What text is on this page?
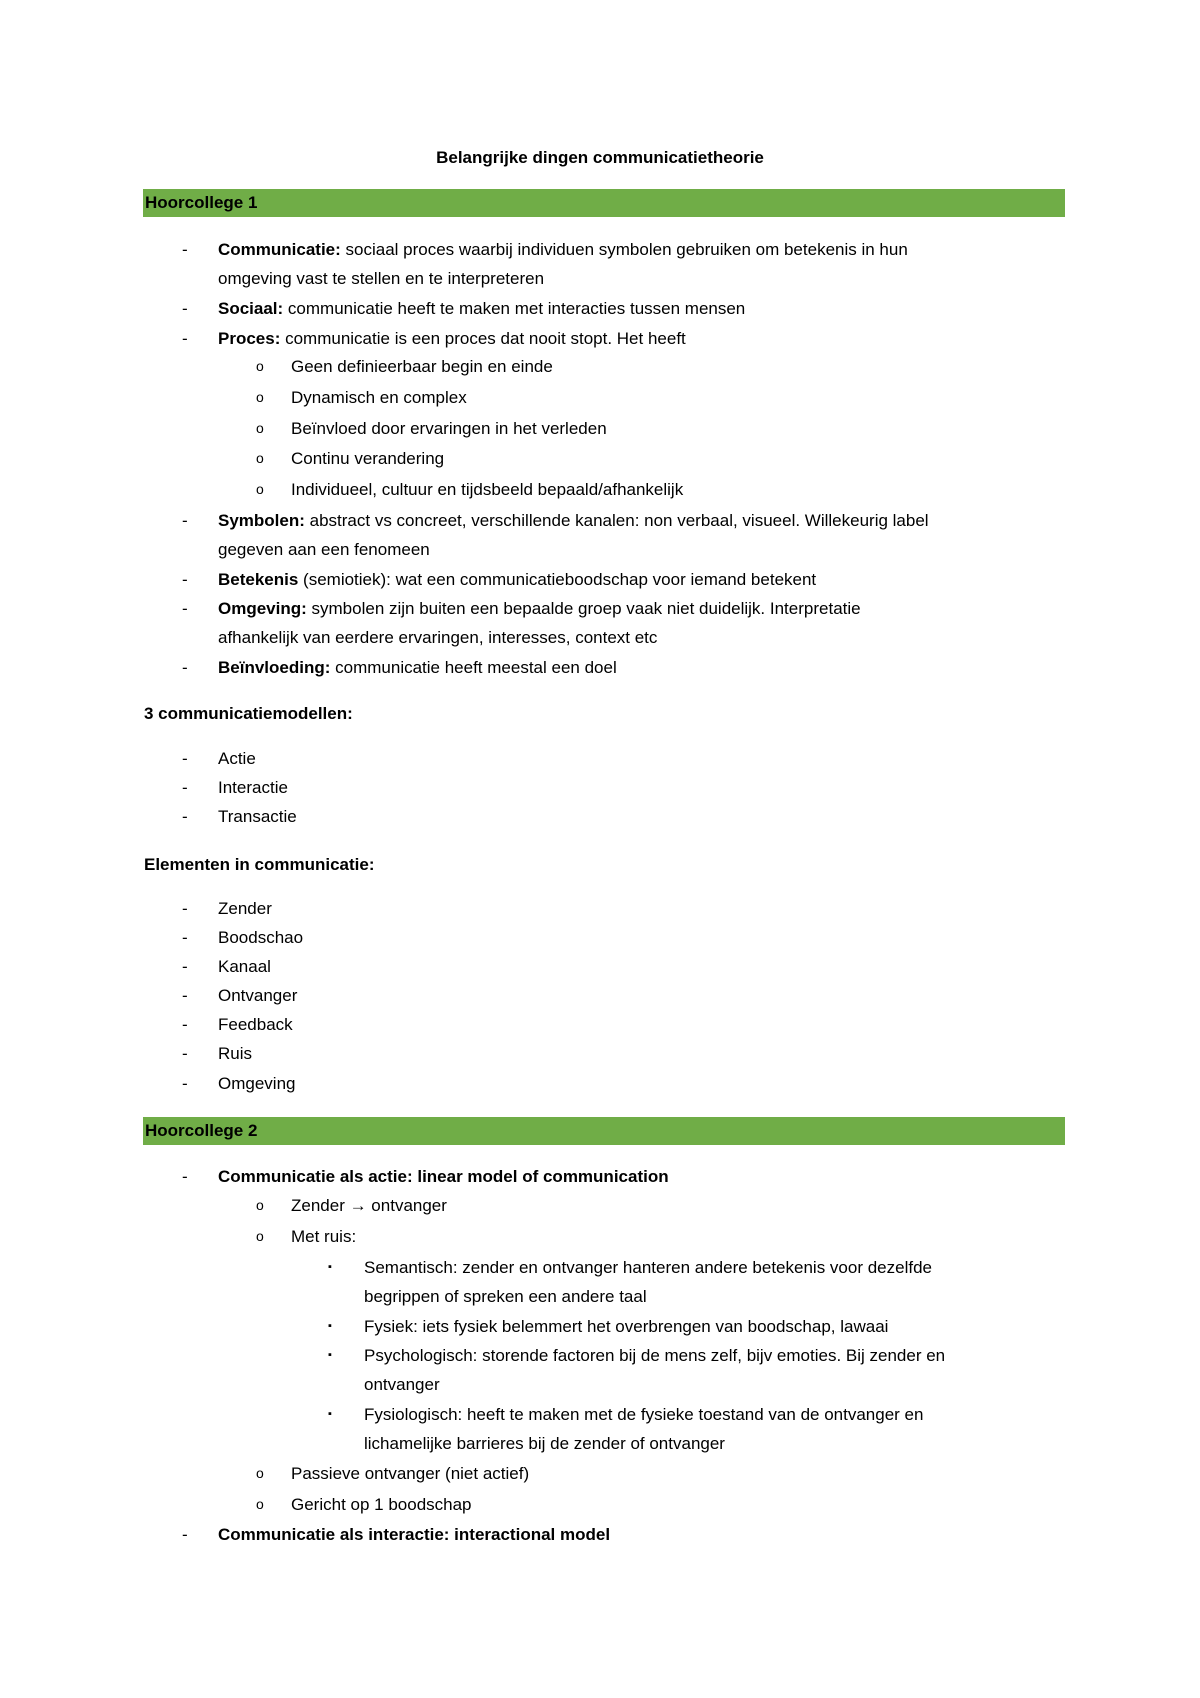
Belangrijke dingen communicatietheorie
Hoorcollege 1
- Communicatie: sociaal proces waarbij individuen symbolen gebruiken om betekenis in hun
omgeving vast te stellen en te interpreteren
- Sociaal: communicatie heeft te maken met interacties tussen mensen
- Proces: communicatie is een proces dat nooit stopt. Het heeft
o Geen definieerbaar begin en einde
o Dynamisch en complex
o Beïnvloed door ervaringen in het verleden
o Continu verandering
o Individueel, cultuur en tijdsbeeld bepaald/afhankelijk
- Symbolen: abstract vs concreet, verschillende kanalen: non verbaal, visueel. Willekeurig label
gegeven aan een fenomeen
- Betekenis (semiotiek): wat een communicatieboodschap voor iemand betekent
- Omgeving: symbolen zijn buiten een bepaalde groep vaak niet duidelijk. Interpretatie
afhankelijk van eerdere ervaringen, interesses, context etc
- Beïnvloeding: communicatie heeft meestal een doel
3 communicatiemodellen:
- Actie
- Interactie
- Transactie
Elementen in communicatie:
- Zender
- Boodschao
- Kanaal
- Ontvanger
- Feedback
- Ruis
- Omgeving
Hoorcollege 2
- Communicatie als actie: linear model of communication
o Zender → ontvanger
o Met ruis:
▪ Semantisch: zender en ontvanger hanteren andere betekenis voor dezelfde
begrippen of spreken een andere taal
▪ Fysiek: iets fysiek belemmert het overbrengen van boodschap, lawaai
▪ Psychologisch: storende factoren bij de mens zelf, bijv emoties. Bij zender en
ontvanger
▪ Fysiologisch: heeft te maken met de fysieke toestand van de ontvanger en
lichamelijke barrieres bij de zender of ontvanger
o Passieve ontvanger (niet actief)
o Gericht op 1 boodschap
- Communicatie als interactie: interactional model
